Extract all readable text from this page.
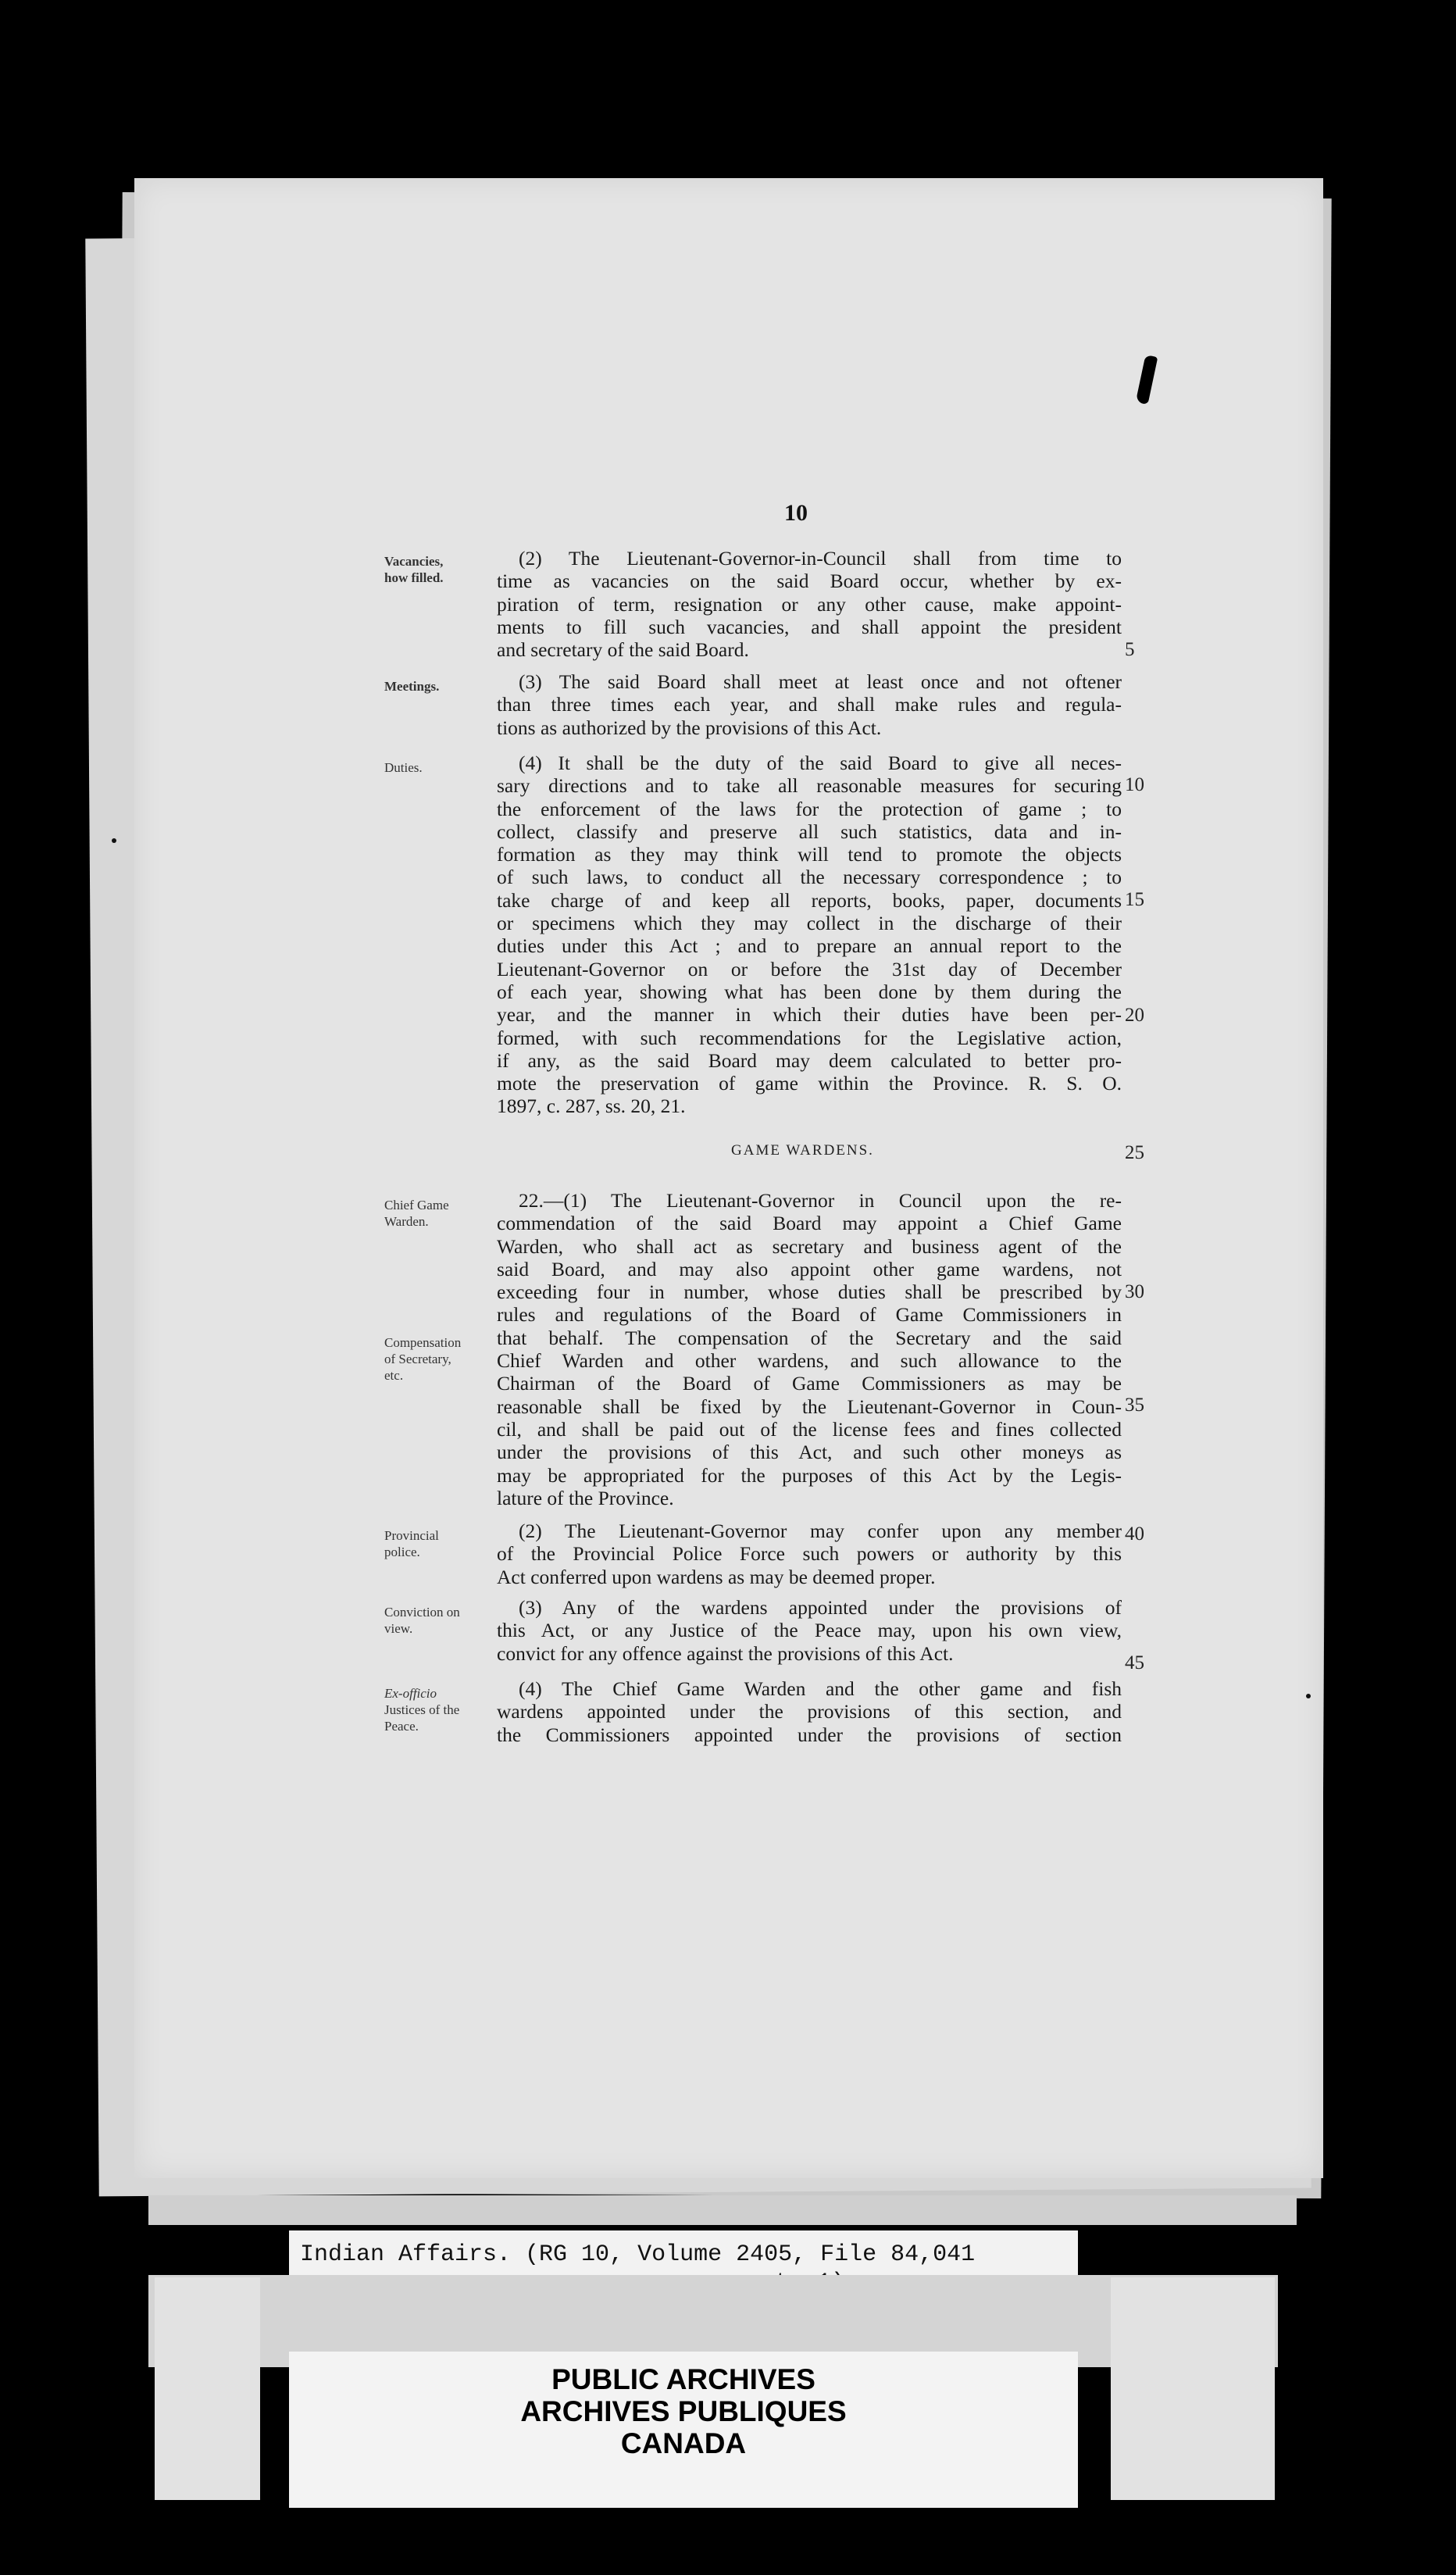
10
Vacancies,
how filled.
Meetings.
Duties.
Chief Game
Warden.
Compensation
of Secretary,
etc.
Provincial
police.
Conviction on
view.
Ex-officio
Justices of the
Peace.
(2) The Lieutenant-Governor-in-Council shall from time to
time as vacancies on the said Board occur, whether by ex-
piration of term, resignation or any other cause, make appoint-
ments to fill such vacancies, and shall appoint the president
and secretary of the said Board.
(3) The said Board shall meet at least once and not oftener
than three times each year, and shall make rules and regula-
tions as authorized by the provisions of this Act.
(4) It shall be the duty of the said Board to give all neces-
sary directions and to take all reasonable measures for securing
the enforcement of the laws for the protection of game ; to
collect, classify and preserve all such statistics, data and in-
formation as they may think will tend to promote the objects
of such laws, to conduct all the necessary correspondence ; to
take charge of and keep all reports, books, paper, documents
or specimens which they may collect in the discharge of their
duties under this Act ; and to prepare an annual report to the
Lieutenant-Governor on or before the 31st day of December
of each year, showing what has been done by them during the
year, and the manner in which their duties have been per-
formed, with such recommendations for the Legislative action,
if any, as the said Board may deem calculated to better pro-
mote the preservation of game within the Province. R. S. O.
1897, c. 287, ss. 20, 21.
GAME WARDENS.
22.—(1) The Lieutenant-Governor in Council upon the re-
commendation of the said Board may appoint a Chief Game
Warden, who shall act as secretary and business agent of the
said Board, and may also appoint other game wardens, not
exceeding four in number, whose duties shall be prescribed by
rules and regulations of the Board of Game Commissioners in
that behalf. The compensation of the Secretary and the said
Chief Warden and other wardens, and such allowance to the
Chairman of the Board of Game Commissioners as may be
reasonable shall be fixed by the Lieutenant-Governor in Coun-
cil, and shall be paid out of the license fees and fines collected
under the provisions of this Act, and such other moneys as
may be appropriated for the purposes of this Act by the Legis-
lature of the Province.
(2) The Lieutenant-Governor may confer upon any member
of the Provincial Police Force such powers or authority by this
Act conferred upon wardens as may be deemed proper.
(3) Any of the wardens appointed under the provisions of
this Act, or any Justice of the Peace may, upon his own view,
convict for any offence against the provisions of this Act.
(4) The Chief Game Warden and the other game and fish
wardens appointed under the provisions of this section, and
the Commissioners appointed under the provisions of section
5
10
15
20
25
30
35
40
45
Indian Affairs. (RG 10, Volume 2405, File 84,041
PUBLIC ARCHIVES
ARCHIVES PUBLIQUES
CANADA
